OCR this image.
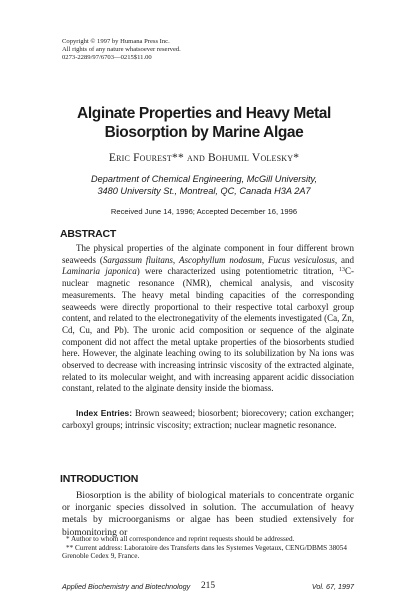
Copyright © 1997 by Humana Press Inc.
All rights of any nature whatsoever reserved.
0273-2289/97/6703—0215$11.00
Alginate Properties and Heavy Metal
Biosorption by Marine Algae
Eric Fourest** and Bohumil Volesky*
Department of Chemical Engineering, McGill University,
3480 University St., Montreal, QC, Canada H3A 2A7
Received June 14, 1996; Accepted December 16, 1996
ABSTRACT
The physical properties of the alginate component in four different brown seaweeds (Sargassum fluitans, Ascophyllum nodosum, Fucus vesiculosus, and Laminaria japonica) were characterized using potentiometric titration, $^{13}$C-nuclear magnetic resonance (NMR), chemical analysis, and viscosity measurements. The heavy metal binding capacities of the corresponding seaweeds were directly proportional to their respective total carboxyl group content, and related to the electronegativity of the elements investigated (Ca, Zn, Cd, Cu, and Pb). The uronic acid composition or sequence of the alginate component did not affect the metal uptake properties of the biosorbents studied here. However, the alginate leaching owing to its solubilization by Na ions was observed to decrease with increasing intrinsic viscosity of the extracted alginate, related to its molecular weight, and with increasing apparent acidic dissociation constant, related to the alginate density inside the biomass.
Index Entries: Brown seaweed; biosorbent; biorecovery; cation exchanger; carboxyl groups; intrinsic viscosity; extraction; nuclear magnetic resonance.
INTRODUCTION
Biosorption is the ability of biological materials to concentrate organic or inorganic species dissolved in solution. The accumulation of heavy metals by microorganisms or algae has been studied extensively for biomonitoring or
* Author to whom all correspondence and reprint requests should be addressed.
** Current address: Laboratoire des Transferts dans les Systemes Vegetaux, CENG/DBMS 38054 Grenoble Cedex 9, France.
Applied Biochemistry and Biotechnology	215	Vol. 67, 1997
